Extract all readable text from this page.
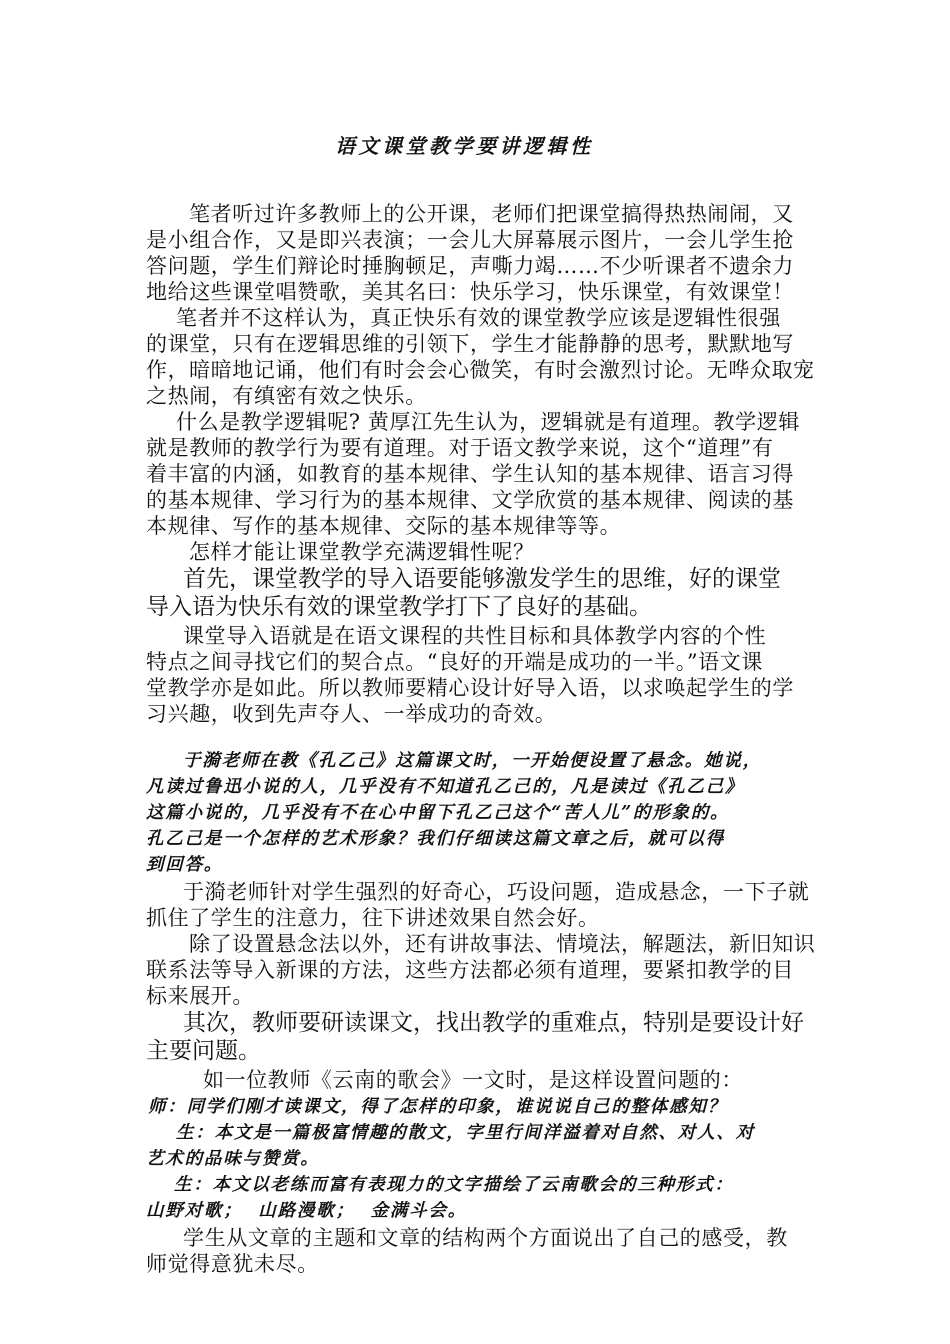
语文课堂教学要讲逻辑性
笔者听过许多教师上的公开课，老师们把课堂搞得热热闹闹，又
是小组合作，又是即兴表演；一会儿大屏幕展示图片，一会儿学生抢
答问题，学生们辩论时捶胸顿足，声嘶力竭……不少听课者不遗余力
地给这些课堂唱赞歌，美其名曰：快乐学习，快乐课堂，有效课堂！
笔者并不这样认为，真正快乐有效的课堂教学应该是逻辑性很强
的课堂，只有在逻辑思维的引领下，学生才能静静的思考，默默地写
作，暗暗地记诵，他们有时会会心微笑，有时会激烈讨论。无哗众取宠
之热闹，有缜密有效之快乐。
什么是教学逻辑呢? 黄厚江先生认为，逻辑就是有道理。教学逻辑
就是教师的教学行为要有道理。对于语文教学来说，这个“道理”有
着丰富的内涵，如教育的基本规律、学生认知的基本规律、语言习得
的基本规律、学习行为的基本规律、文学欣赏的基本规律、阅读的基
本规律、写作的基本规律、交际的基本规律等等。
怎样才能让课堂教学充满逻辑性呢？
首先，课堂教学的导入语要能够激发学生的思维，好的课堂
导入语为快乐有效的课堂教学打下了良好的基础。
课堂导入语就是在语文课程的共性目标和具体教学内容的个性
特点之间寻找它们的契合点。“良好的开端是成功的一半。”语文课
堂教学亦是如此。所以教师要精心设计好导入语，以求唤起学生的学
习兴趣，收到先声夺人、一举成功的奇效。
于漪老师在教《孔乙己》这篇课文时，一开始便设置了悬念。她说，
凡读过鲁迅小说的人，几乎没有不知道孔乙己的，凡是读过《孔乙己》
这篇小说的，几乎没有不在心中留下孔乙己这个“苦人儿”的形象的。
孔乙己是一个怎样的艺术形象？我们仔细读这篇文章之后，就可以得
到回答。
于漪老师针对学生强烈的好奇心，巧设问题，造成悬念，一下子就
抓住了学生的注意力，往下讲述效果自然会好。
除了设置悬念法以外，还有讲故事法、情境法，解题法，新旧知识
联系法等导入新课的方法，这些方法都必须有道理，要紧扣教学的目
标来展开。
其次，教师要研读课文，找出教学的重难点，特别是要设计好
主要问题。
如一位教师《云南的歌会》一文时，是这样设置问题的：
师：同学们刚才读课文，得了怎样的印象，谁说说自己的整体感知？
生：本文是一篇极富情趣的散文，字里行间洋溢着对自然、对人、对
艺术的品味与赞赏。
生：本文以老练而富有表现力的文字描绘了云南歌会的三种形式：
山野对歌；  山路漫歌；  金满斗会。
学生从文章的主题和文章的结构两个方面说出了自己的感受，教
师觉得意犹未尽。
